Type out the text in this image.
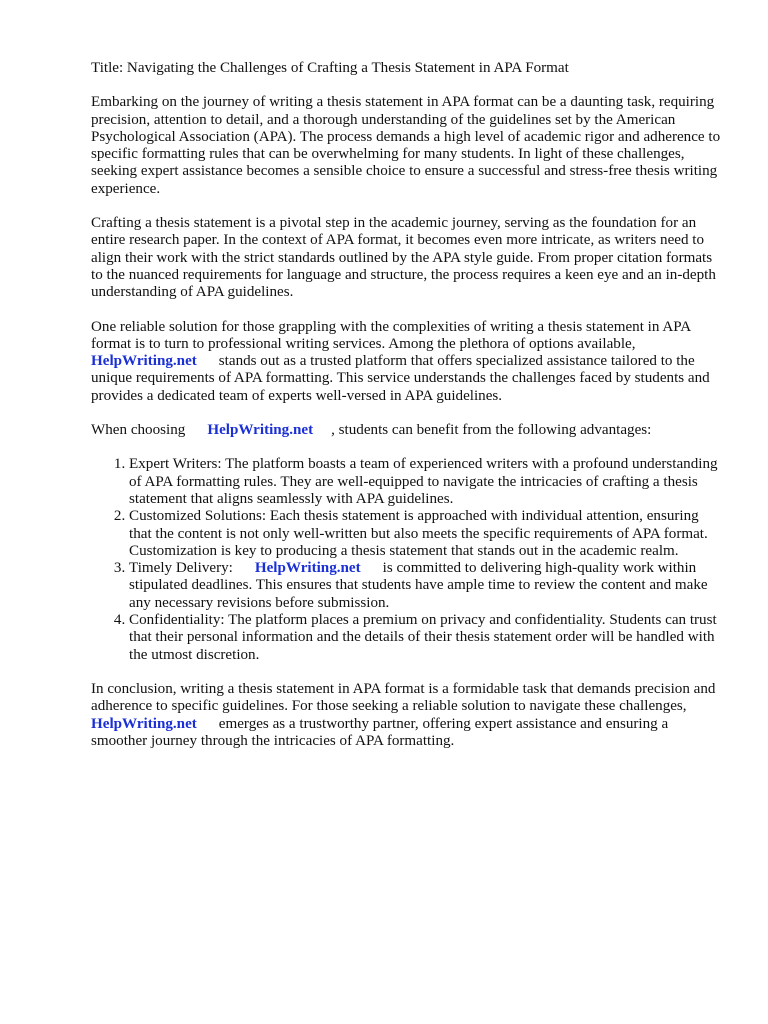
Title: Navigating the Challenges of Crafting a Thesis Statement in APA Format

Embarking on the journey of writing a thesis statement in APA format can be a daunting task, requiring precision, attention to detail, and a thorough understanding of the guidelines set by the American Psychological Association (APA). The process demands a high level of academic rigor and adherence to specific formatting rules that can be overwhelming for many students. In light of these challenges, seeking expert assistance becomes a sensible choice to ensure a successful and stress-free thesis writing experience.

Crafting a thesis statement is a pivotal step in the academic journey, serving as the foundation for an entire research paper. In the context of APA format, it becomes even more intricate, as writers need to align their work with the strict standards outlined by the APA style guide. From proper citation formats to the nuanced requirements for language and structure, the process requires a keen eye and an in-depth understanding of APA guidelines.

One reliable solution for those grappling with the complexities of writing a thesis statement in APA format is to turn to professional writing services. Among the plethora of options available,
HelpWriting.net stands out as a trusted platform that offers specialized assistance tailored to the unique requirements of APA formatting. This service understands the challenges faced by students and provides a dedicated team of experts well-versed in APA guidelines.

When choosing HelpWriting.net , students can benefit from the following advantages:

1. Expert Writers: The platform boasts a team of experienced writers with a profound understanding of APA formatting rules. They are well-equipped to navigate the intricacies of crafting a thesis statement that aligns seamlessly with APA guidelines.
2. Customized Solutions: Each thesis statement is approached with individual attention, ensuring that the content is not only well-written but also meets the specific requirements of APA format. Customization is key to producing a thesis statement that stands out in the academic realm.
3. Timely Delivery: HelpWriting.net is committed to delivering high-quality work within stipulated deadlines. This ensures that students have ample time to review the content and make any necessary revisions before submission.
4. Confidentiality: The platform places a premium on privacy and confidentiality. Students can trust that their personal information and the details of their thesis statement order will be handled with the utmost discretion.

In conclusion, writing a thesis statement in APA format is a formidable task that demands precision and adherence to specific guidelines. For those seeking a reliable solution to navigate these challenges,HelpWriting.net emerges as a trustworthy partner, offering expert assistance and ensuring a smoother journey through the intricacies of APA formatting.
